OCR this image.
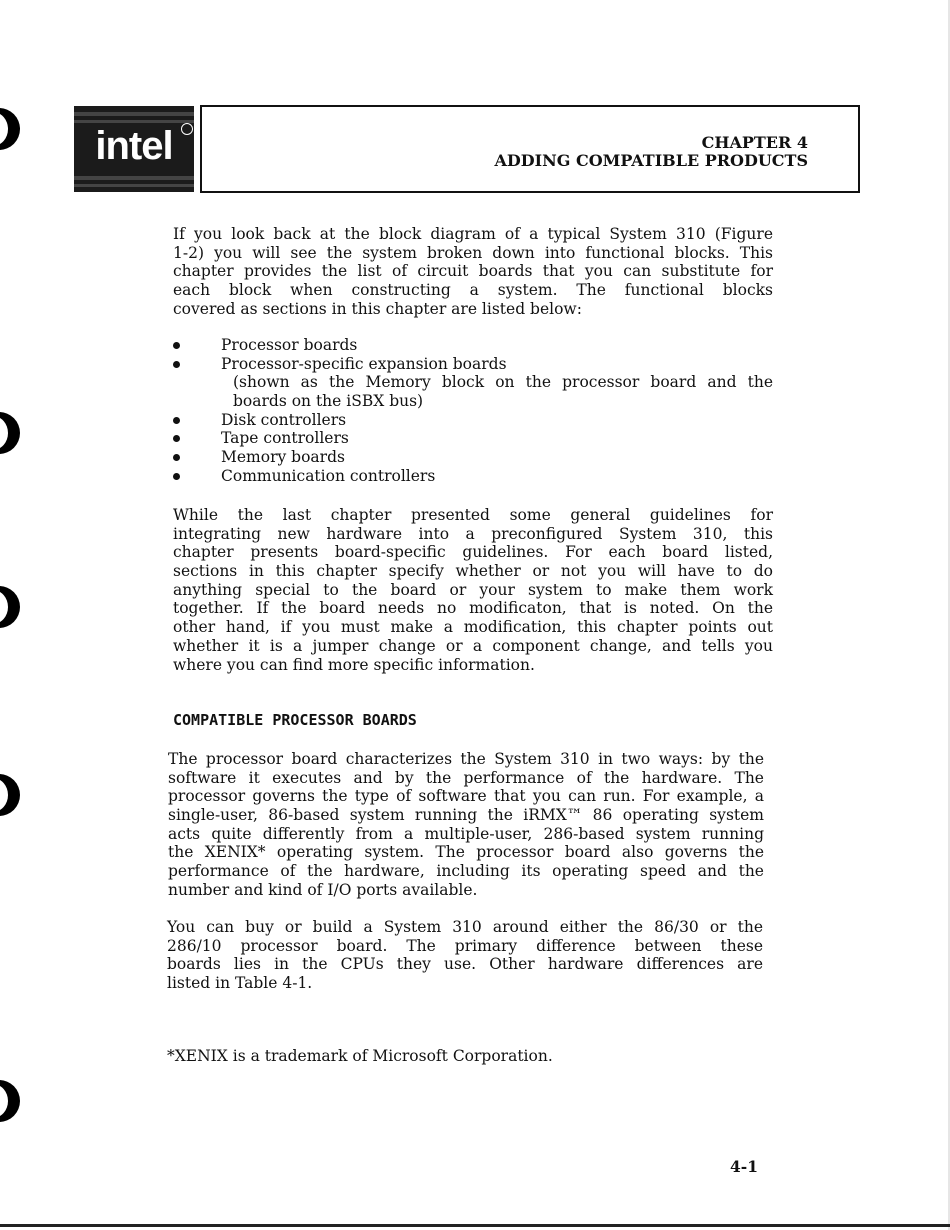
intel	CHAPTER 4
ADDING COMPATIBLE PRODUCTS
If you look back at the block diagram of a typical System 310 (Figure
1-2) you will see the system broken down into functional blocks. This
chapter provides the list of circuit boards that you can substitute for
each block when constructing a system. The functional blocks
covered as sections in this chapter are listed below:
Processor boards
Processor-specific expansion boards
(shown as the Memory block on the processor board and the
boards on the iSBX bus)
Disk controllers
Tape controllers
Memory boards
Communication controllers
While the last chapter presented some general guidelines for
integrating new hardware into a preconfigured System 310, this
chapter presents board-specific guidelines. For each board listed,
sections in this chapter specify whether or not you will have to do
anything special to the board or your system to make them work
together. If the board needs no modificaton, that is noted. On the
other hand, if you must make a modification, this chapter points out
whether it is a jumper change or a component change, and tells you
where you can find more specific information.
COMPATIBLE PROCESSOR BOARDS
The processor board characterizes the System 310 in two ways: by the
software it executes and by the performance of the hardware. The
processor governs the type of software that you can run. For example, a
single-user, 86-based system running the iRMX™ 86 operating system
acts quite differently from a multiple-user, 286-based system running
the XENIX* operating system. The processor board also governs the
performance of the hardware, including its operating speed and the
number and kind of I/O ports available.
You can buy or build a System 310 around either the 86/30 or the
286/10 processor board. The primary difference between these
boards lies in the CPUs they use. Other hardware differences are
listed in Table 4-1.
*XENIX is a trademark of Microsoft Corporation.
4-1
